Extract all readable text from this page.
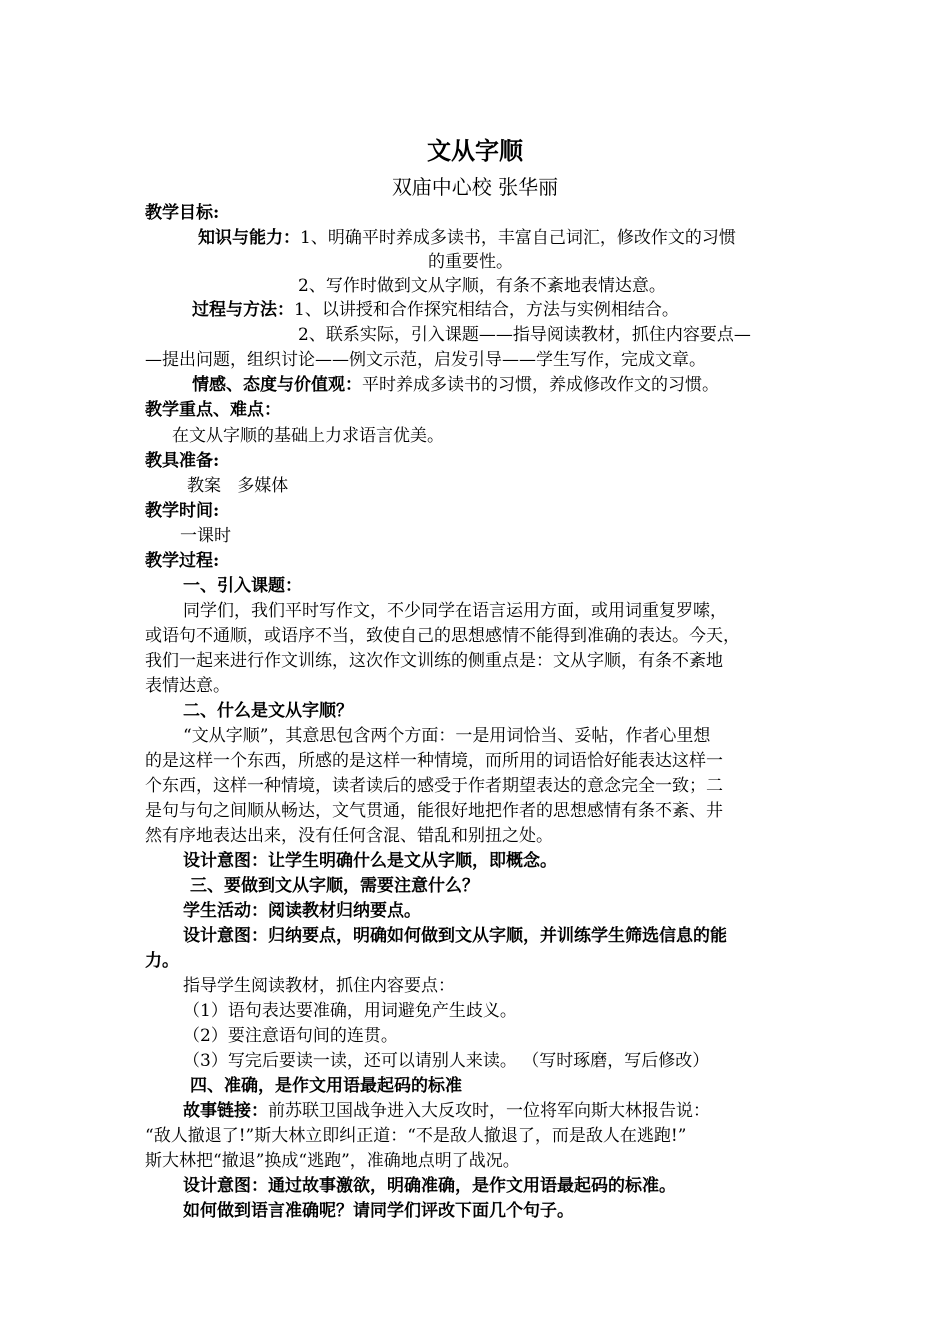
文从字顺
双庙中心校 张华丽
教学目标:
知识与能力：1、明确平时养成多读书，丰富自己词汇，修改作文的习惯
的重要性。
2、写作时做到文从字顺，有条不紊地表情达意。
过程与方法：1、以讲授和合作探究相结合，方法与实例相结合。
2、联系实际，引入课题——指导阅读教材，抓住内容要点—
—提出问题，组织讨论——例文示范，启发引导——学生写作，完成文章。
情感、态度与价值观：平时养成多读书的习惯，养成修改作文的习惯。
教学重点、难点：
在文从字顺的基础上力求语言优美。
教具准备:
教案   多媒体
教学时间:
一课时
教学过程:
一、引入课题：
同学们，我们平时写作文，不少同学在语言运用方面，或用词重复罗嗦，
或语句不通顺，或语序不当，致使自己的思想感情不能得到准确的表达。今天，
我们一起来进行作文训练，这次作文训练的侧重点是：文从字顺，有条不紊地
表情达意。
二、什么是文从字顺？
“文从字顺”，其意思包含两个方面：一是用词恰当、妥帖，作者心里想
的是这样一个东西，所感的是这样一种情境，而所用的词语恰好能表达这样一
个东西，这样一种情境，读者读后的感受于作者期望表达的意念完全一致；二
是句与句之间顺从畅达，文气贯通，能很好地把作者的思想感情有条不紊、井
然有序地表达出来，没有任何含混、错乱和别扭之处。
设计意图：让学生明确什么是文从字顺，即概念。
三、要做到文从字顺，需要注意什么？
学生活动：阅读教材归纳要点。
设计意图：归纳要点，明确如何做到文从字顺，并训练学生筛选信息的能
力。
指导学生阅读教材，抓住内容要点：
（1）语句表达要准确，用词避免产生歧义。
（2）要注意语句间的连贯。
（3）写完后要读一读，还可以请别人来读。 （写时琢磨，写后修改）
四、准确，是作文用语最起码的标准
故事链接：前苏联卫国战争进入大反攻时，一位将军向斯大林报告说：
“敌人撤退了!”斯大林立即纠正道：“不是敌人撤退了，而是敌人在逃跑!”
斯大林把“撤退”换成“逃跑”，准确地点明了战况。
设计意图：通过故事激欲，明确准确，是作文用语最起码的标准。
如何做到语言准确呢？请同学们评改下面几个句子。
